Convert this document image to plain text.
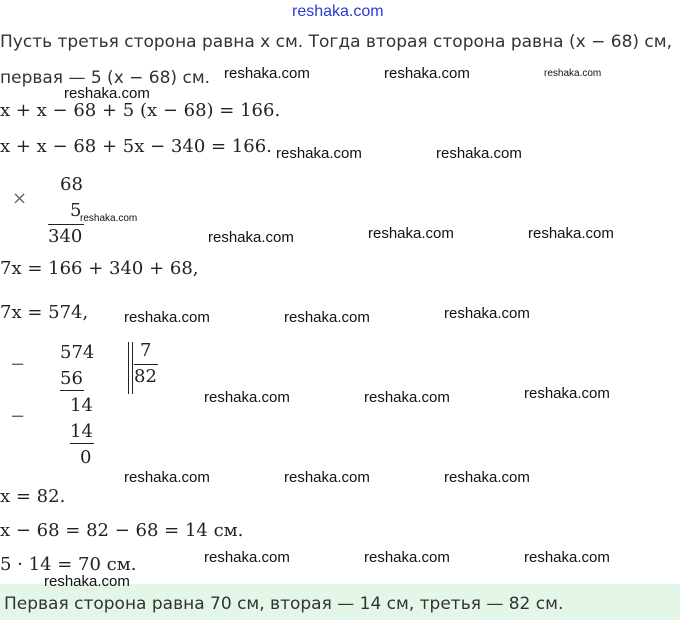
reshaka.com
Пусть третья сторона равна x см. Тогда вторая сторона равна (x − 68) см,
первая — 5 (x − 68) см.
x + x − 68 + 5 (x − 68) = 166.
x + x − 68 + 5x − 340 = 166.
×
68
5
340
7x = 166 + 340 + 68,
7x = 574,
−
574
56
−
14
14
0
7
82
x = 82.
x − 68 = 82 − 68 = 14 см.
5 · 14 = 70 см.
Первая сторона равна 70 см, вторая — 14 см, третья — 82 см.
reshaka.com	reshaka.com	reshaka.com
reshaka.com
reshaka.com	reshaka.com
reshaka.com
reshaka.com	reshaka.com	reshaka.com
reshaka.com	reshaka.com	reshaka.com
reshaka.com	reshaka.com	reshaka.com
reshaka.com	reshaka.com	reshaka.com
reshaka.com	reshaka.com	reshaka.com
reshaka.com
